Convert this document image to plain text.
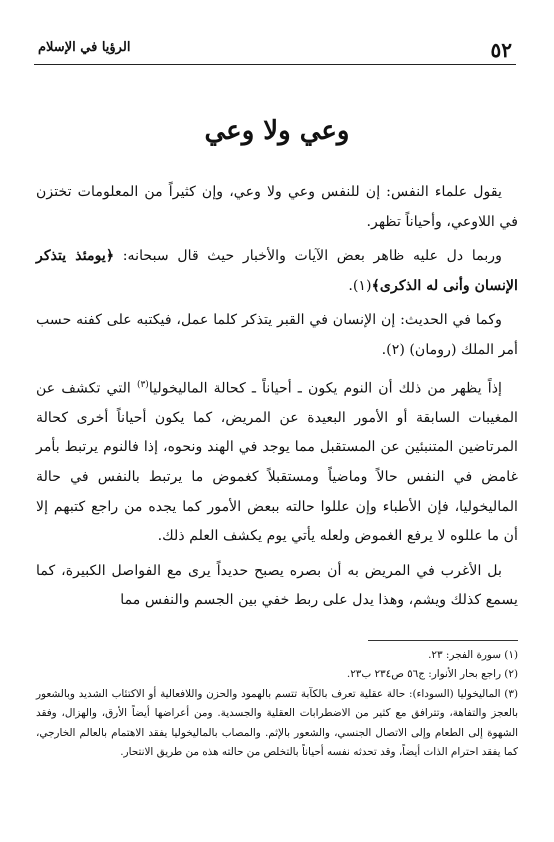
٥٢
الرؤيا في الإسلام
وعي ولا وعي

يقول علماء النفس: إن للنفس وعي ولا وعي، وإن كثيراً من المعلومات تختزن في اللاوعي، وأحياناً تظهر.

وربما دل عليه ظاهر بعض الآيات والأخبار حيث قال سبحانه: ﴿يومئذ يتذكر الإنسان وأنى له الذكرى﴾(١).

وكما في الحديث: إن الإنسان في القبر يتذكر كلما عمل، فيكتبه على كفنه حسب أمر الملك (رومان) (٢).

إذاً يظهر من ذلك أن النوم يكون ـ أحياناً ـ كحالة الماليخوليا$^{(٣)}$ التي تكشف عن المغيبات السابقة أو الأمور البعيدة عن المريض، كما يكون أحياناً أخرى كحالة المرتاضين المتنبئين عن المستقبل مما يوجد في الهند ونحوه، إذا فالنوم يرتبط بأمر غامض في النفس حالاً وماضياً ومستقبلاً كغموض ما يرتبط بالنفس في حالة الماليخوليا، فإن الأطباء وإن عللوا حالته ببعض الأمور كما يجده من راجع كتبهم إلا أن ما عللوه لا يرفع الغموض ولعله يأتي يوم يكشف العلم ذلك.

بل الأغرب في المريض به أن بصره يصبح حديداً يرى مع الفواصل الكبيرة، كما يسمع كذلك ويشم، وهذا يدل على ربط خفي بين الجسم والنفس مما

(١) سورة الفجر: ٢٣.

(٢) راجع بحار الأنوار: ج٥٦ ص٢٣٤ ب٢٣.

(٣) الماليخوليا (السوداء): حالة عقلية تعرف بالكآبة تتسم بالهمود والحزن واللافعالية أو الاكتئاب الشديد وبالشعور بالعجز والتفاهة، وتترافق مع كثير من الاضطرابات العقلية والجسدية. ومن أعراضها أيضاً الأرق، والهزال، وفقد الشهوة إلى الطعام وإلى الاتصال الجنسي، والشعور بالإثم. والمصاب بالماليخوليا يفقد الاهتمام بالعالم الخارجي، كما يفقد احترام الذات أيضاً، وقد تحدثه نفسه أحياناً بالتخلص من حالته هذه من طريق الانتحار.
